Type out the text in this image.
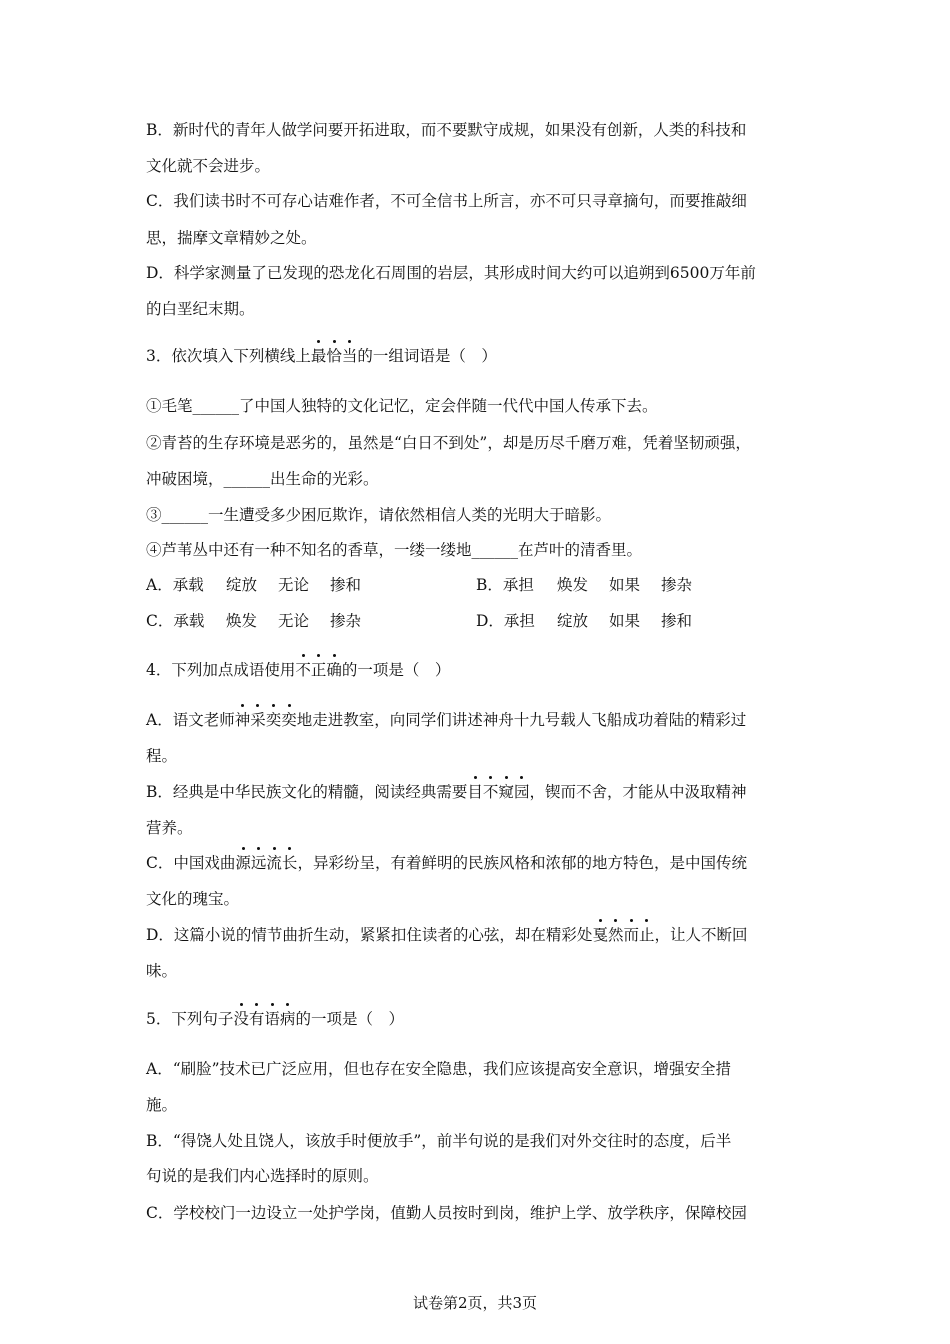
B．新时代的青年人做学问要开拓进取，而不要默守成规，如果没有创新，人类的科技和
文化就不会进步。
C．我们读书时不可存心诘难作者，不可全信书上所言，亦不可只寻章摘句，而要推敲细
思，揣摩文章精妙之处。
D．科学家测量了已发现的恐龙化石周围的岩层，其形成时间大约可以追朔到6500万年前
的白垩纪末期。
3．依次填入下列横线上最恰当的一组词语是（　）
①毛笔______了中国人独特的文化记忆，定会伴随一代代中国人传承下去。
②青苔的生存环境是恶劣的，虽然是“白日不到处”，却是历尽千磨万难，凭着坚韧顽强，
冲破困境，______出生命的光彩。
③______一生遭受多少困厄欺诈，请依然相信人类的光明大于暗影。
④芦苇丛中还有一种不知名的香草，一缕一缕地______在芦叶的清香里。
A．承载 绽放 无论 掺和	B．承担 焕发 如果 掺杂
C．承载 焕发 无论 掺杂	D．承担 绽放 如果 掺和
4．下列加点成语使用不正确的一项是（　）
A．语文老师神采奕奕地走进教室，向同学们讲述神舟十九号载人飞船成功着陆的精彩过
程。
B．经典是中华民族文化的精髓，阅读经典需要目不窥园，锲而不舍，才能从中汲取精神
营养。
C．中国戏曲源远流长，异彩纷呈，有着鲜明的民族风格和浓郁的地方特色，是中国传统
文化的瑰宝。
D．这篇小说的情节曲折生动，紧紧扣住读者的心弦，却在精彩处戛然而止，让人不断回
味。
5．下列句子没有语病的一项是（　）
A．“刷脸”技术已广泛应用，但也存在安全隐患，我们应该提高安全意识，增强安全措
施。
B．“得饶人处且饶人，该放手时便放手”，前半句说的是我们对外交往时的态度，后半
句说的是我们内心选择时的原则。
C．学校校门一边设立一处护学岗，值勤人员按时到岗，维护上学、放学秩序，保障校园
试卷第2页，共3页
